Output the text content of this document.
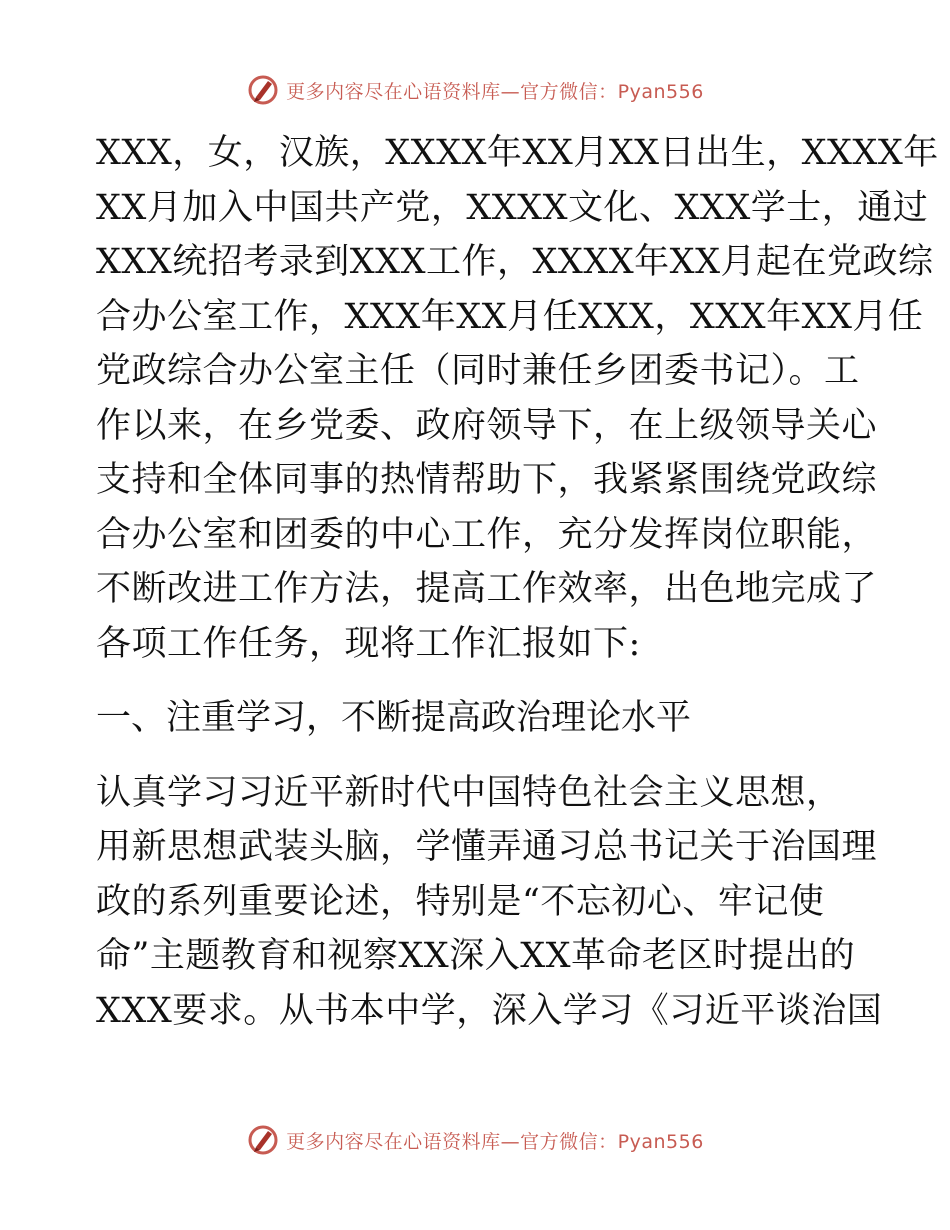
更多内容尽在心语资料库—官方微信：Pyan556
XXX，女，汉族，XXXX年XX月XX日出生，XXXX年
XX月加入中国共产党，XXXX文化、XXX学士，通过
XXX统招考录到XXX工作，XXXX年XX月起在党政综
合办公室工作，XXX年XX月任XXX，XXX年XX月任
党政综合办公室主任（同时兼任乡团委书记）。工
作以来，在乡党委、政府领导下，在上级领导关心
支持和全体同事的热情帮助下，我紧紧围绕党政综
合办公室和团委的中心工作，充分发挥岗位职能，
不断改进工作方法，提高工作效率，出色地完成了
各项工作任务，现将工作汇报如下:
一、注重学习，不断提高政治理论水平
认真学习习近平新时代中国特色社会主义思想，
用新思想武装头脑，学懂弄通习总书记关于治国理
政的系列重要论述，特别是“不忘初心、牢记使
命”主题教育和视察XX深入XX革命老区时提出的
XXX要求。从书本中学，深入学习《习近平谈治国
更多内容尽在心语资料库—官方微信：Pyan556
